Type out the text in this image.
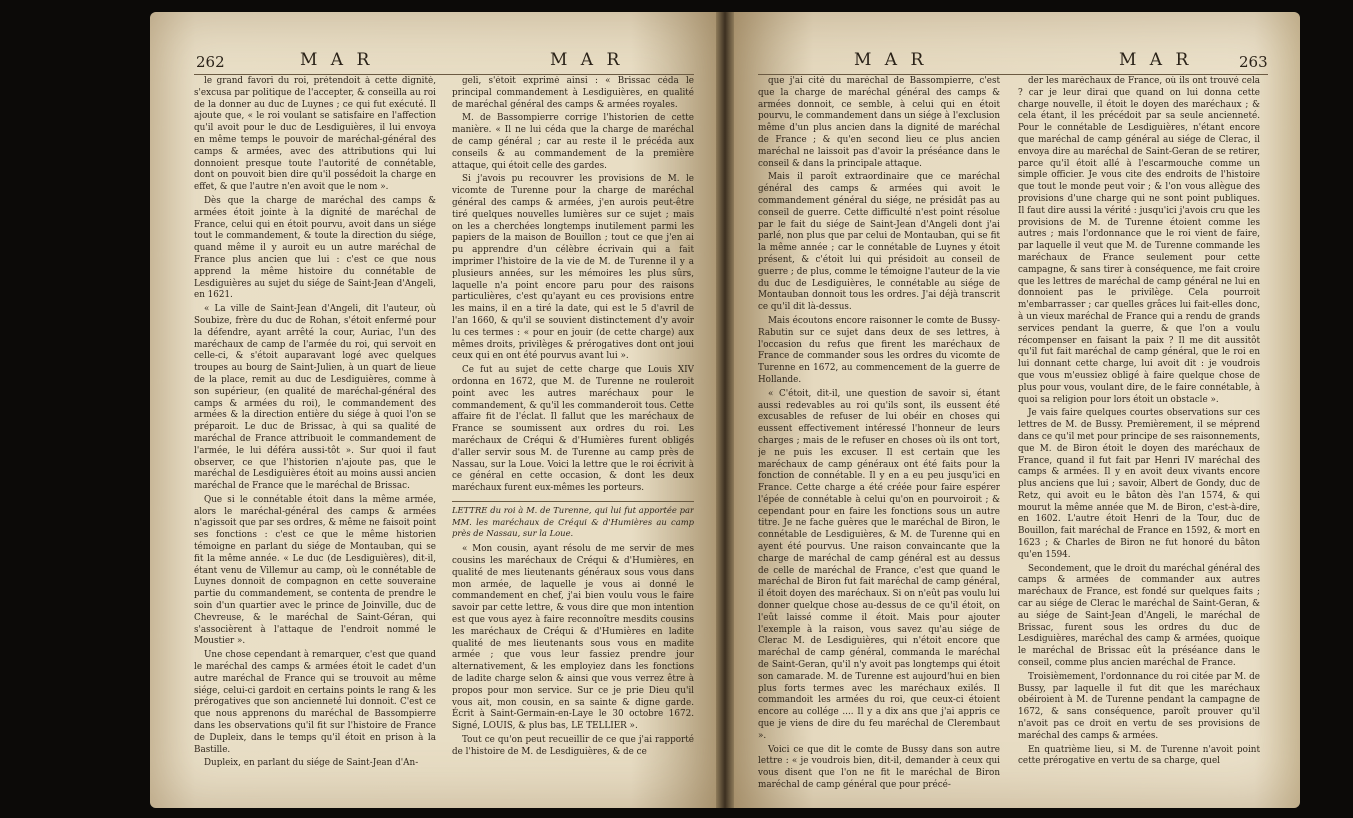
262	M A R	M A R

le grand favori du roi, prétendoit à cette dignité, s'excusa par politique de l'accepter, & conseilla au roi de la donner au duc de Luynes ; ce qui fut exécuté. Il ajoute que, « le roi voulant se satisfaire en l'affection qu'il avoit pour le duc de Lesdiguières, il lui envoya en même temps le pouvoir de maréchal-général des camps & armées, avec des attributions qui lui donnoient presque toute l'autorité de connétable, dont on pouvoit bien dire qu'il possédoit la charge en effet, & que l'autre n'en avoit que le nom ».

Dès que la charge de maréchal des camps & armées étoit jointe à la dignité de maréchal de France, celui qui en étoit pourvu, avoit dans un siége tout le commandement, & toute la direction du siége, quand même il y auroit eu un autre maréchal de France plus ancien que lui : c'est ce que nous apprend la même histoire du connétable de Lesdiguières au sujet du siége de Saint-Jean d'Angeli, en 1621.

« La ville de Saint-Jean d'Angeli, dit l'auteur, où Soubize, frère du duc de Rohan, s'étoit enfermé pour la défendre, ayant arrêté la cour, Auriac, l'un des maréchaux de camp de l'armée du roi, qui servoit en celle-ci, & s'étoit auparavant logé avec quelques troupes au bourg de Saint-Julien, à un quart de lieue de la place, remit au duc de Lesdiguières, comme à son supérieur, (en qualité de maréchal-général des camps & armées du roi), le commandement des armées & la direction entière du siége à quoi l'on se préparoit. Le duc de Brissac, à qui sa qualité de maréchal de France attribuoit le commandement de l'armée, le lui déféra aussi-tôt ». Sur quoi il faut observer, ce que l'historien n'ajoute pas, que le maréchal de Lesdiguières étoit au moins aussi ancien maréchal de France que le maréchal de Brissac.

Que si le connétable étoit dans la même armée, alors le maréchal-général des camps & armées n'agissoit que par ses ordres, & même ne faisoit point ses fonctions : c'est ce que le même historien témoigne en parlant du siége de Montauban, qui se fit la même année. « Le duc (de Lesdiguières), dit-il, étant venu de Villemur au camp, où le connétable de Luynes donnoit de compagnon en cette souveraine partie du commandement, se contenta de prendre le soin d'un quartier avec le prince de Joinville, duc de Chevreuse, & le maréchal de Saint-Géran, qui s'associèrent à l'attaque de l'endroit nommé le Moustier ».

Une chose cependant à remarquer, c'est que quand le maréchal des camps & armées étoit le cadet d'un autre maréchal de France qui se trouvoit au même siége, celui-ci gardoit en certains points le rang & les prérogatives que son ancienneté lui donnoit. C'est ce que nous apprenons du maréchal de Bassompierre dans les observations qu'il fit sur l'histoire de France de Dupleix, dans le temps qu'il étoit en prison à la Bastille.

Dupleix, en parlant du siége de Saint-Jean d'An-

geli, s'étoit exprimé ainsi : « Brissac céda le principal commandement à Lesdiguières, en qualité de maréchal général des camps & armées royales.

M. de Bassompierre corrige l'historien de cette manière. « Il ne lui céda que la charge de maréchal de camp général ; car au reste il le précéda aux conseils & au commandement de la première attaque, qui étoit celle des gardes.

Si j'avois pu recouvrer les provisions de M. le vicomte de Turenne pour la charge de maréchal général des camps & armées, j'en aurois peut-être tiré quelques nouvelles lumières sur ce sujet ; mais on les a cherchées longtemps inutilement parmi les papiers de la maison de Bouillon ; tout ce que j'en ai pu apprendre d'un célèbre écrivain qui a fait imprimer l'histoire de la vie de M. de Turenne il y a plusieurs années, sur les mémoires les plus sûrs, laquelle n'a point encore paru pour des raisons particulières, c'est qu'ayant eu ces provisions entre les mains, il en a tiré la date, qui est le 5 d'avril de l'an 1660, & qu'il se souvient distinctement d'y avoir lu ces termes : « pour en jouir (de cette charge) aux mêmes droits, privilèges & prérogatives dont ont joui ceux qui en ont été pourvus avant lui ».

Ce fut au sujet de cette charge que Louis XIV ordonna en 1672, que M. de Turenne ne rouleroit point avec les autres maréchaux pour le commandement, & qu'il les commanderoit tous. Cette affaire fit de l'éclat. Il fallut que les maréchaux de France se soumissent aux ordres du roi. Les maréchaux de Créqui & d'Humières furent obligés d'aller servir sous M. de Turenne au camp près de Nassau, sur la Loue. Voici la lettre que le roi écrivit à ce général en cette occasion, & dont les deux maréchaux furent eux-mêmes les porteurs.

LETTRE du roi à M. de Turenne, qui lui fut apportée par MM. les maréchaux de Créqui & d'Humières au camp près de Nassau, sur la Loue.

« Mon cousin, ayant résolu de me servir de mes cousins les maréchaux de Créqui & d'Humières, en qualité de mes lieutenants généraux sous vous dans mon armée, de laquelle je vous ai donné le commandement en chef, j'ai bien voulu vous le faire savoir par cette lettre, & vous dire que mon intention est que vous ayez à faire reconnoître mesdits cousins les maréchaux de Créqui & d'Humières en ladite qualité de mes lieutenants sous vous en madite armée ; que vous leur fassiez prendre jour alternativement, & les employiez dans les fonctions de ladite charge selon & ainsi que vous verrez être à propos pour mon service. Sur ce je prie Dieu qu'il vous ait, mon cousin, en sa sainte & digne garde. Écrit à Saint-Germain-en-Laye le 30 octobre 1672. Signé, LOUIS, & plus bas, LE TELLIER ».

Tout ce qu'on peut recueillir de ce que j'ai rapporté de l'histoire de M. de Lesdiguières, & de ce

M A R	M A R	263

que j'ai cité du maréchal de Bassompierre, c'est que la charge de maréchal général des camps & armées donnoit, ce semble, à celui qui en étoit pourvu, le commandement dans un siége à l'exclusion même d'un plus ancien dans la dignité de maréchal de France ; & qu'en second lieu ce plus ancien maréchal ne laissoit pas d'avoir la préséance dans le conseil & dans la principale attaque.

Mais il paroît extraordinaire que ce maréchal général des camps & armées qui avoit le commandement général du siége, ne présidât pas au conseil de guerre. Cette difficulté n'est point résolue par le fait du siége de Saint-Jean d'Angeli dont j'ai parlé, non plus que par celui de Montauban, qui se fit la même année ; car le connétable de Luynes y étoit présent, & c'étoit lui qui présidoit au conseil de guerre ; de plus, comme le témoigne l'auteur de la vie du duc de Lesdiguières, le connétable au siége de Montauban donnoit tous les ordres. J'ai déjà transcrit ce qu'il dit là-dessus.

Mais écoutons encore raisonner le comte de Bussy-Rabutin sur ce sujet dans deux de ses lettres, à l'occasion du refus que firent les maréchaux de France de commander sous les ordres du vicomte de Turenne en 1672, au commencement de la guerre de Hollande.

« C'étoit, dit-il, une question de savoir si, étant aussi redevables au roi qu'ils sont, ils eussent été excusables de refuser de lui obéir en choses qui eussent effectivement intéressé l'honneur de leurs charges ; mais de le refuser en choses où ils ont tort, je ne puis les excuser. Il est certain que les maréchaux de camp généraux ont été faits pour la fonction de connétable. Il y en a eu peu jusqu'ici en France. Cette charge a été créée pour faire espérer l'épée de connétable à celui qu'on en pourvoiroit ; & cependant pour en faire les fonctions sous un autre titre. Je ne fache guères que le maréchal de Biron, le connétable de Lesdiguières, & M. de Turenne qui en ayent été pourvus. Une raison convaincante que la charge de maréchal de camp général est au dessus de celle de maréchal de France, c'est que quand le maréchal de Biron fut fait maréchal de camp général, il étoit doyen des maréchaux. Si on n'eût pas voulu lui donner quelque chose au-dessus de ce qu'il étoit, on l'eût laissé comme il étoit. Mais pour ajouter l'exemple à la raison, vous savez qu'au siége de Clerac M. de Lesdiguières, qui n'étoit encore que maréchal de camp général, commanda le maréchal de Saint-Geran, qu'il n'y avoit pas longtemps qui étoit son camarade. M. de Turenne est aujourd'hui en bien plus forts termes avec les maréchaux exilés. Il commandoit les armées du roi, que ceux-ci étoient encore au collége .... Il y a dix ans que j'ai appris ce que je viens de dire du feu maréchal de Clerembaut ».

Voici ce que dit le comte de Bussy dans son autre lettre : « je voudrois bien, dit-il, demander à ceux qui vous disent que l'on ne fit le maréchal de Biron maréchal de camp général que pour précé-

der les maréchaux de France, où ils ont trouvé cela ? car je leur dirai que quand on lui donna cette charge nouvelle, il étoit le doyen des maréchaux ; & cela étant, il les précédoit par sa seule ancienneté. Pour le connétable de Lesdiguières, n'étant encore que maréchal de camp général au siége de Clerac, il envoya dire au maréchal de Saint-Geran de se retirer, parce qu'il étoit allé à l'escarmouche comme un simple officier. Je vous cite des endroits de l'histoire que tout le monde peut voir ; & l'on vous allègue des provisions d'une charge qui ne sont point publiques. Il faut dire aussi la vérité : jusqu'ici j'avois cru que les provisions de M. de Turenne étoient comme les autres ; mais l'ordonnance que le roi vient de faire, par laquelle il veut que M. de Turenne commande les maréchaux de France seulement pour cette campagne, & sans tirer à conséquence, me fait croire que les lettres de maréchal de camp général ne lui en donnoient pas le privilège. Cela pourroit m'embarrasser ; car quelles grâces lui fait-elles donc, à un vieux maréchal de France qui a rendu de grands services pendant la guerre, & que l'on a voulu récompenser en faisant la paix ? Il me dit aussitôt qu'il fut fait maréchal de camp général, que le roi en lui donnant cette charge, lui avoit dit : je voudrois que vous m'eussiez obligé à faire quelque chose de plus pour vous, voulant dire, de le faire connétable, à quoi sa religion pour lors étoit un obstacle ».

Je vais faire quelques courtes observations sur ces lettres de M. de Bussy. Premièrement, il se méprend dans ce qu'il met pour principe de ses raisonnements, que M. de Biron étoit le doyen des maréchaux de France, quand il fut fait par Henri IV maréchal des camps & armées. Il y en avoit deux vivants encore plus anciens que lui ; savoir, Albert de Gondy, duc de Retz, qui avoit eu le bâton dès l'an 1574, & qui mourut la même année que M. de Biron, c'est-à-dire, en 1602. L'autre étoit Henri de la Tour, duc de Bouillon, fait maréchal de France en 1592, & mort en 1623 ; & Charles de Biron ne fut honoré du bâton qu'en 1594.

Secondement, que le droit du maréchal général des camps & armées de commander aux autres maréchaux de France, est fondé sur quelques faits ; car au siége de Clerac le maréchal de Saint-Geran, & au siége de Saint-Jean d'Angeli, le maréchal de Brissac, furent sous les ordres du duc de Lesdiguières, maréchal des camp & armées, quoique le maréchal de Brissac eût la préséance dans le conseil, comme plus ancien maréchal de France.

Troisièmement, l'ordonnance du roi citée par M. de Bussy, par laquelle il fut dit que les maréchaux obéiroient à M. de Turenne pendant la campagne de 1672, & sans conséquence, paroît prouver qu'il n'avoit pas ce droit en vertu de ses provisions de maréchal des camps & armées.

En quatrième lieu, si M. de Turenne n'avoit point cette prérogative en vertu de sa charge, quel
